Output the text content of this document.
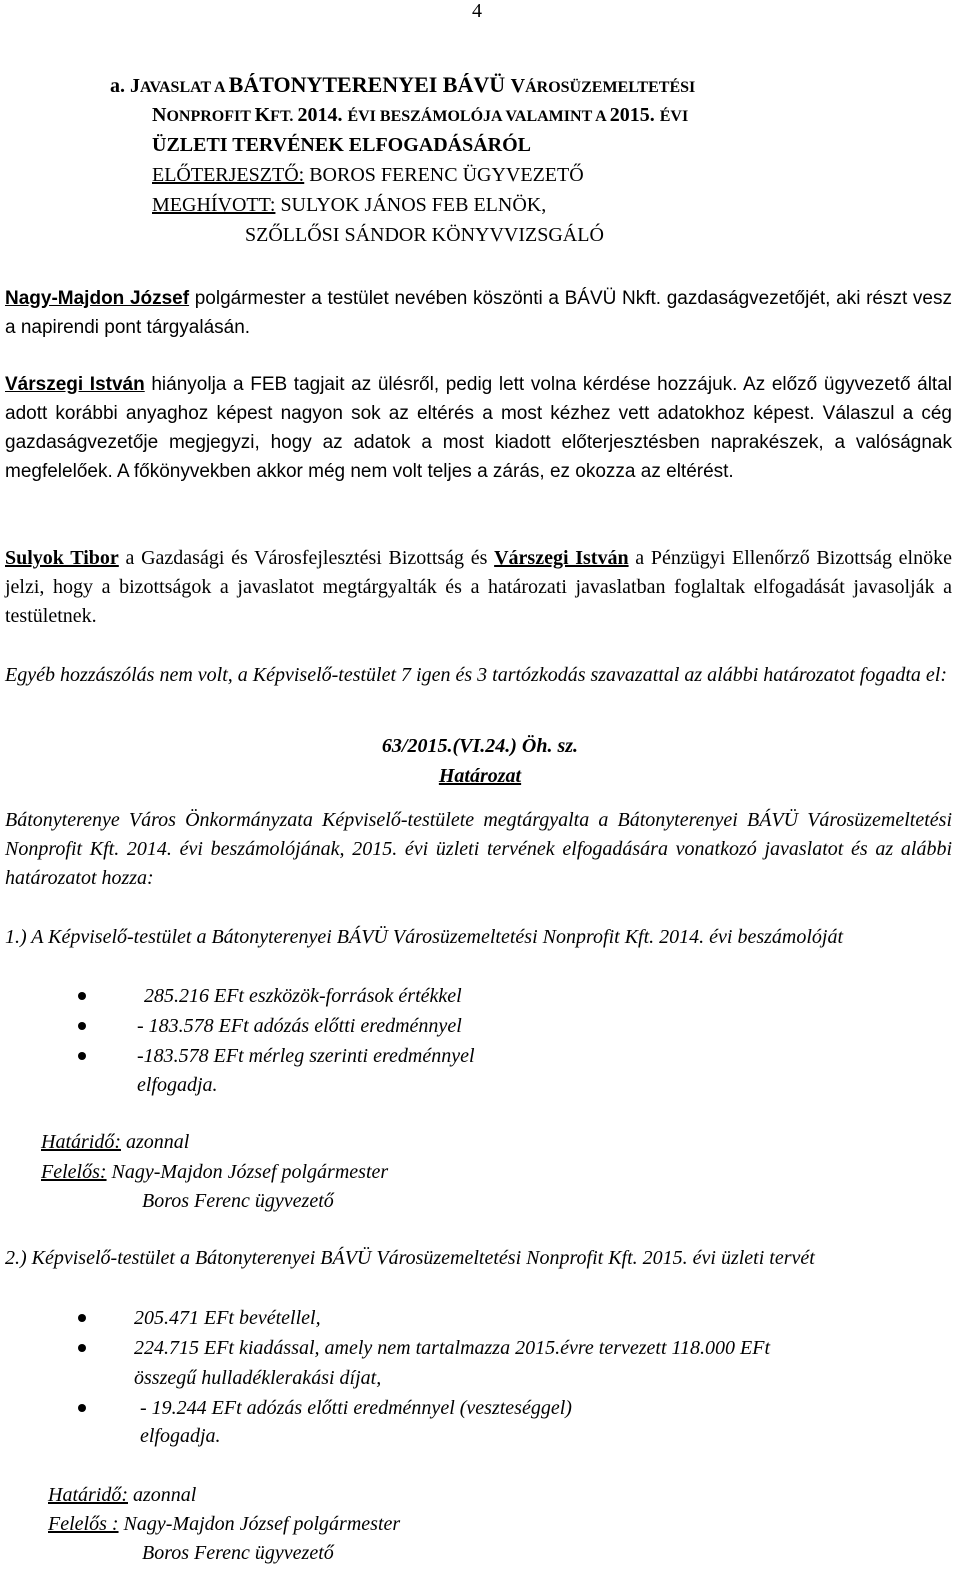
4
a. JAVASLAT A BÁTONYTERENYEI BÁVÜ VÁROSÜZEMELTETÉSI
NONPROFIT KFT. 2014. ÉVI BESZÁMOLÓJA VALAMINT A 2015. ÉVI
ÜZLETI TERVÉNEK ELFOGADÁSÁRÓL
ELŐTERJESZTŐ: BOROS FERENC ÜGYVEZETŐ
MEGHÍVOTT: SULYOK JÁNOS FEB ELNÖK,
SZŐLLŐSI SÁNDOR KÖNYVVIZSGÁLÓ
Nagy-Majdon József polgármester a testület nevében köszönti a BÁVÜ Nkft. gazdaságvezetőjét, aki részt vesz a napirendi pont tárgyalásán.
Várszegi István hiányolja a FEB tagjait az ülésről, pedig lett volna kérdése hozzájuk. Az előző ügyvezető által adott korábbi anyaghoz képest nagyon sok az eltérés a most kézhez vett adatokhoz képest. Válaszul a cég gazdaságvezetője megjegyzi, hogy az adatok a most kiadott előterjesztésben naprakészek, a valóságnak megfelelőek. A főkönyvekben akkor még nem volt teljes a zárás, ez okozza az eltérést.
Sulyok Tibor a Gazdasági és Városfejlesztési Bizottság és Várszegi István a Pénzügyi Ellenőrző Bizottság elnöke jelzi, hogy a bizottságok a javaslatot megtárgyalták és a határozati javaslatban foglaltak elfogadását javasolják a testületnek.
Egyéb hozzászólás nem volt, a Képviselő-testület 7 igen és 3 tartózkodás szavazattal az alábbi határozatot fogadta el:
63/2015.(VI.24.) Öh. sz.
Határozat
Bátonyterenye Város Önkormányzata Képviselő-testülete megtárgyalta a Bátonyterenyei BÁVÜ Városüzemeltetési Nonprofit Kft. 2014. évi beszámolójának, 2015. évi üzleti tervének elfogadására vonatkozó javaslatot és az alábbi határozatot hozza:
1.) A Képviselő-testület a Bátonyterenyei BÁVÜ Városüzemeltetési Nonprofit Kft. 2014. évi beszámolóját
285.216 EFt eszközök-források értékkel
- 183.578 EFt adózás előtti eredménnyel
-183.578 EFt mérleg szerinti eredménnyel
elfogadja.
Határidő: azonnal
Felelős: Nagy-Majdon József polgármester
Boros Ferenc ügyvezető
2.) Képviselő-testület a Bátonyterenyei BÁVÜ Városüzemeltetési Nonprofit Kft. 2015. évi üzleti tervét
205.471 EFt bevétellel,
224.715 EFt kiadással, amely nem tartalmazza 2015.évre tervezett 118.000 EFt
összegű hulladéklerakási díjat,
- 19.244 EFt adózás előtti eredménnyel (veszteséggel)
elfogadja.
Határidő: azonnal
Felelős : Nagy-Majdon József polgármester
Boros Ferenc ügyvezető
